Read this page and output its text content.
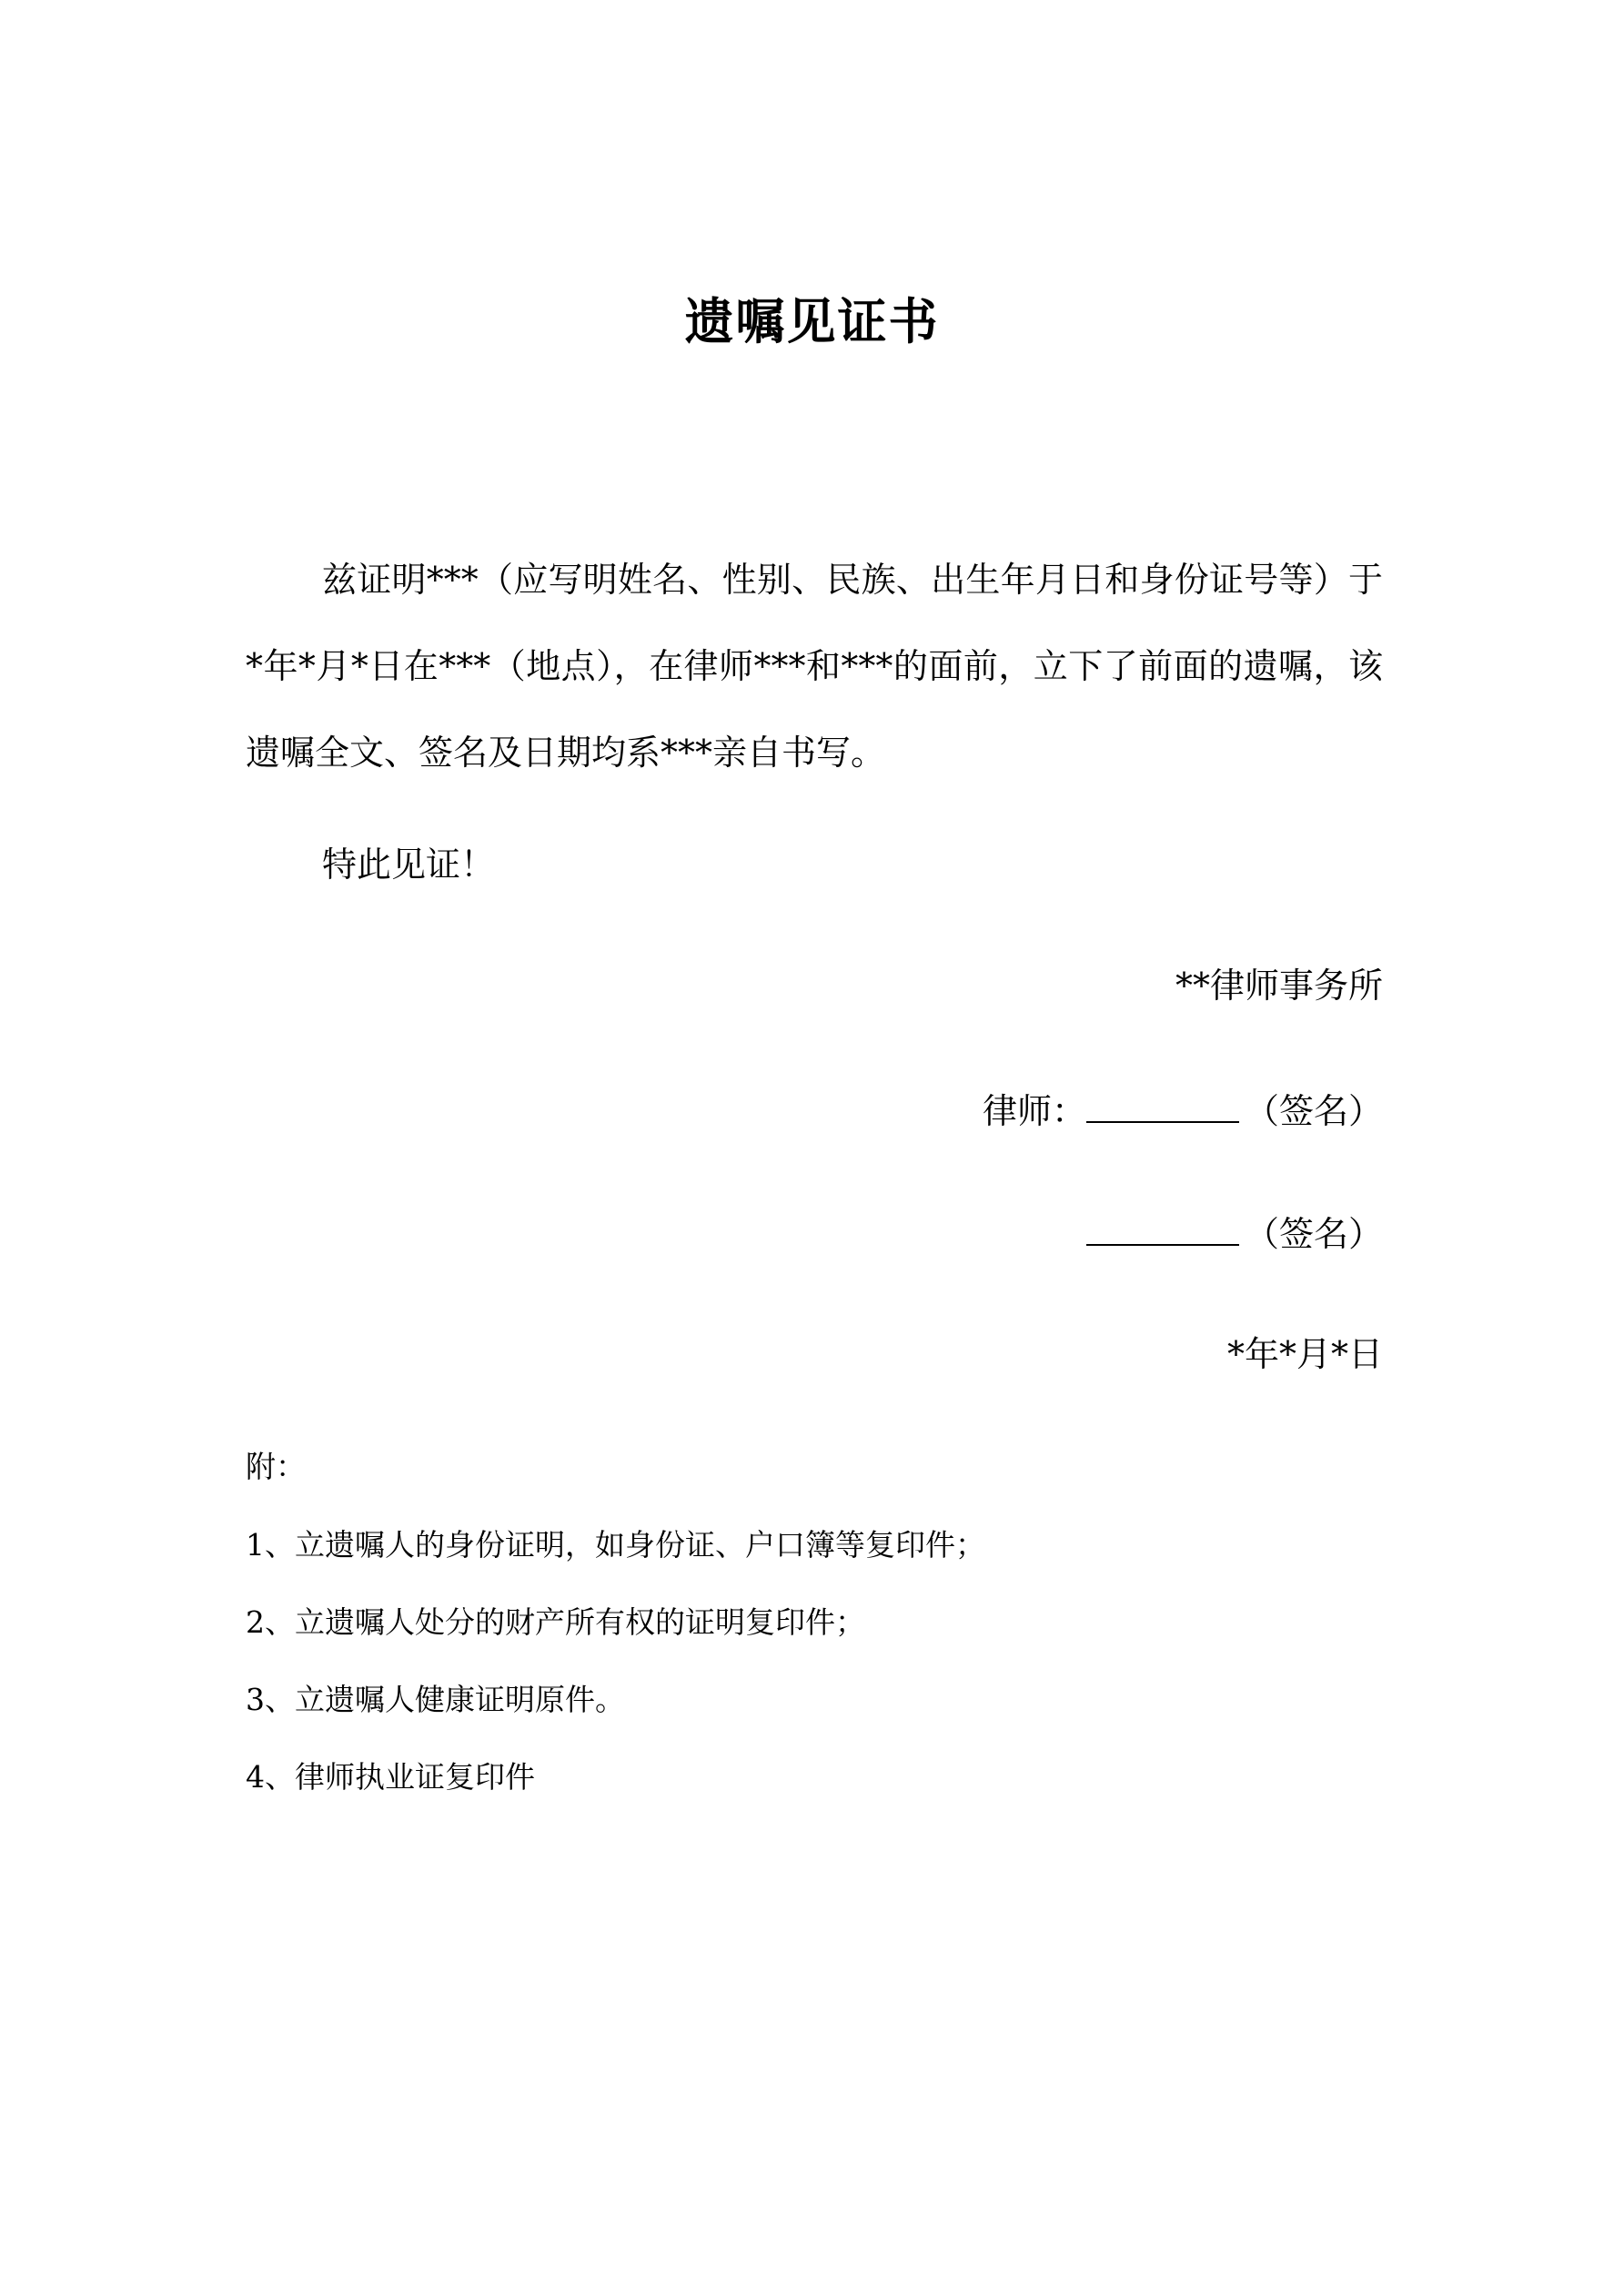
遗嘱见证书
兹证明***（应写明姓名、性别、民族、出生年月日和身份证号等）于*年*月*日在***（地点），在律师***和***的面前，立下了前面的遗嘱，该遗嘱全文、签名及日期均系***亲自书写。
特此见证！
**律师事务所
律师：	（签名）
（签名）
*年*月*日
附：
1、立遗嘱人的身份证明，如身份证、户口簿等复印件；
2、立遗嘱人处分的财产所有权的证明复印件；
3、立遗嘱人健康证明原件。
4、律师执业证复印件
